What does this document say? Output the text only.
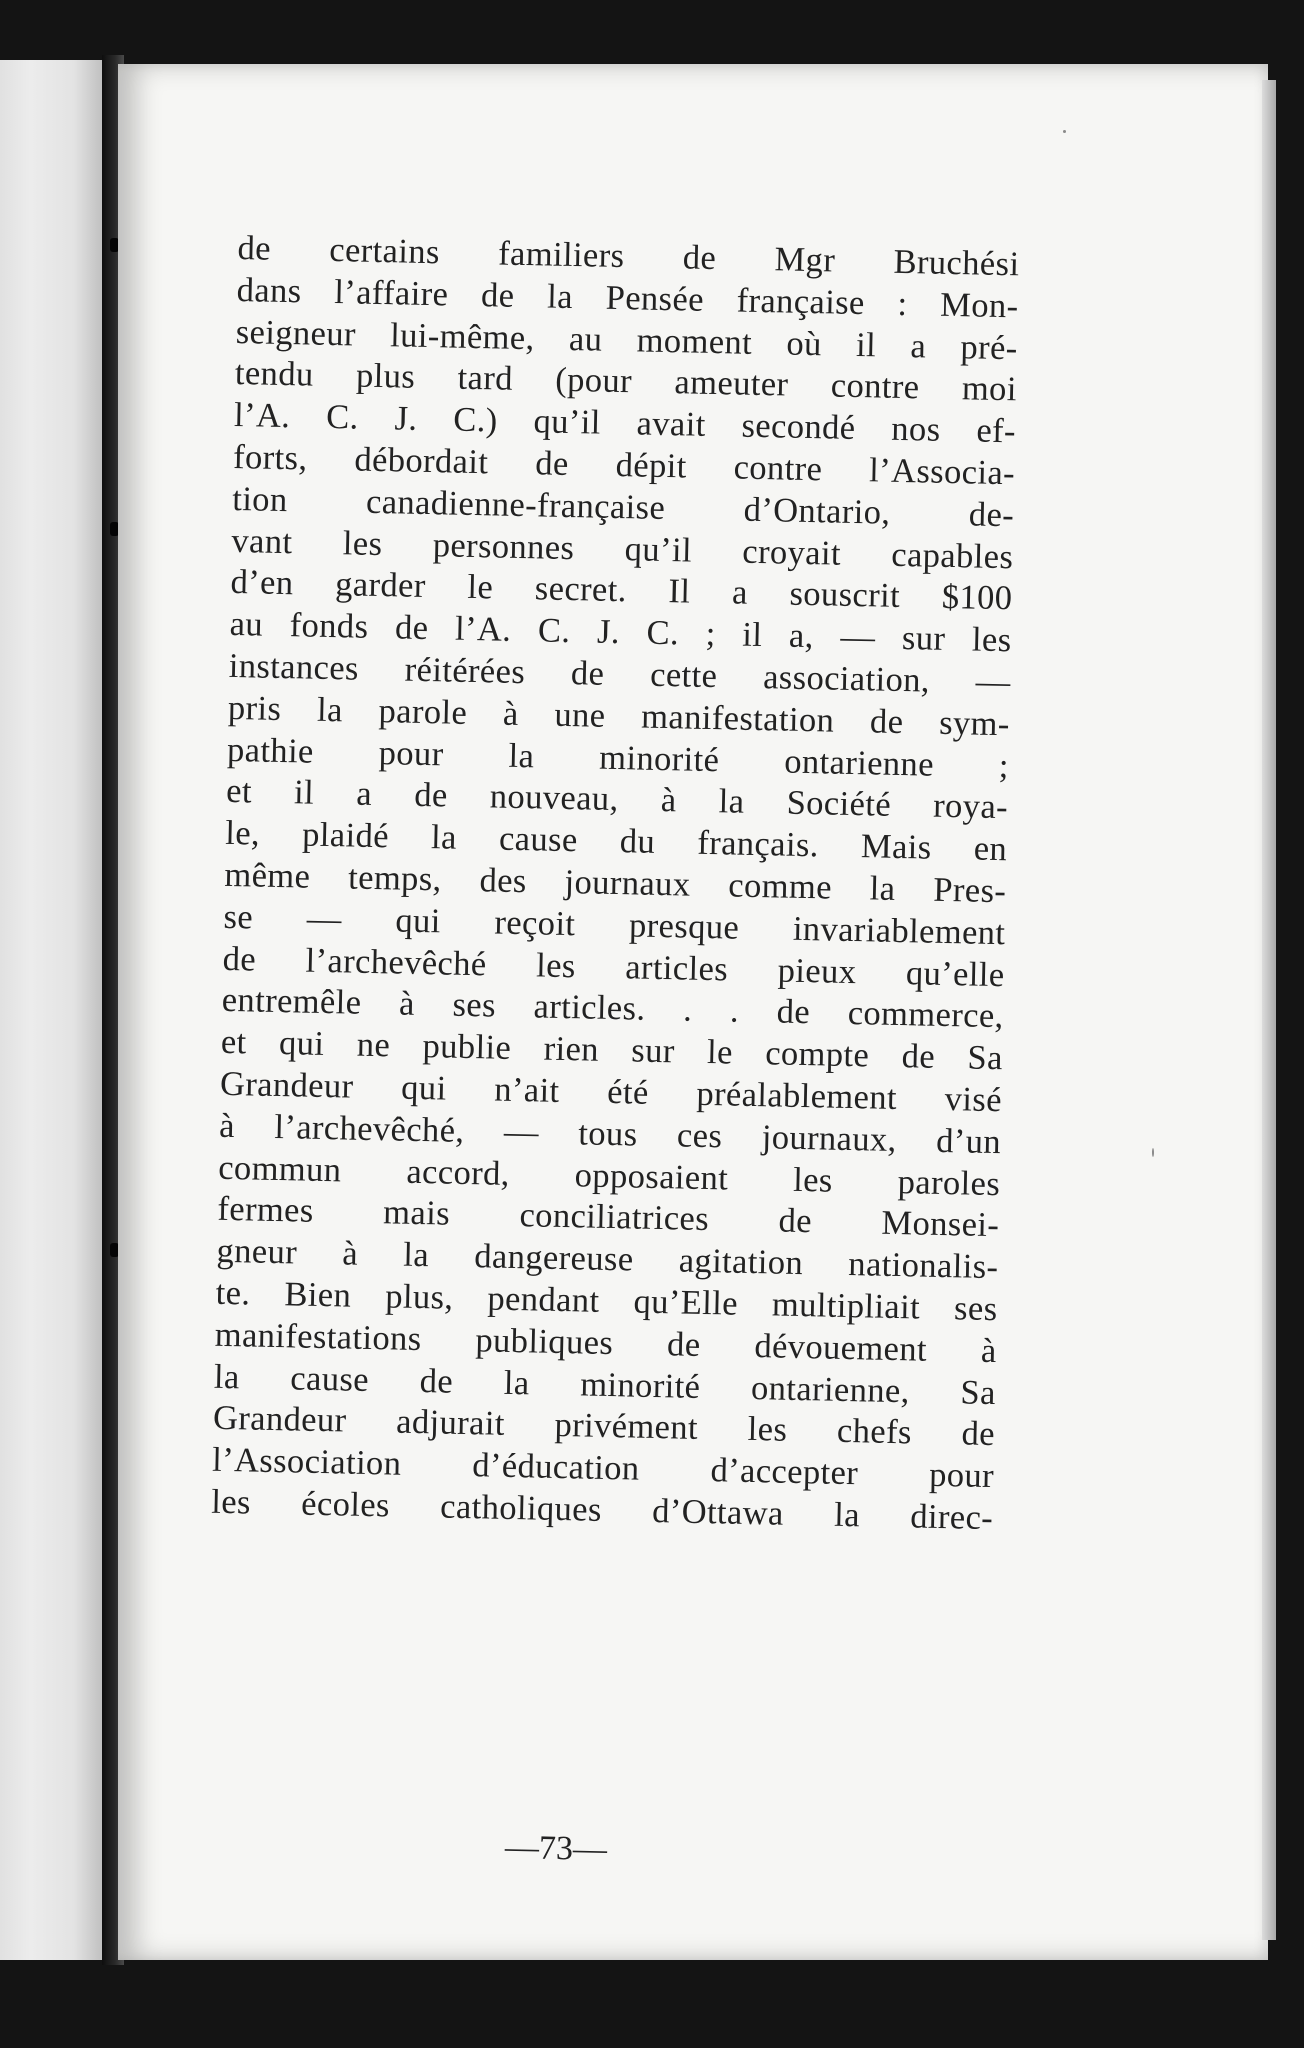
de certains familiers de Mgr Bruchési
dans l’affaire de la Pensée française : Mon-
seigneur lui-même, au moment où il a pré-
tendu plus tard (pour ameuter contre moi
l’A. C. J. C.) qu’il avait secondé nos ef-
forts, débordait de dépit contre l’Associa-
tion canadienne-française d’Ontario, de-
vant les personnes qu’il croyait capables
d’en garder le secret. Il a souscrit $100
au fonds de l’A. C. J. C. ; il a, — sur les
instances réitérées de cette association, —
pris la parole à une manifestation de sym-
pathie pour la minorité ontarienne ;
et il a de nouveau, à la Société roya-
le, plaidé la cause du français. Mais en
même temps, des journaux comme la Pres-
se — qui reçoit presque invariablement
de l’archevêché les articles pieux qu’elle
entremêle à ses articles. . . de commerce,
et qui ne publie rien sur le compte de Sa
Grandeur qui n’ait été préalablement visé
à l’archevêché, — tous ces journaux, d’un
commun accord, opposaient les paroles
fermes mais conciliatrices de Monsei-
gneur à la dangereuse agitation nationalis-
te. Bien plus, pendant qu’Elle multipliait ses
manifestations publiques de dévouement à
la cause de la minorité ontarienne, Sa
Grandeur adjurait privément les chefs de
l’Association d’éducation d’accepter pour
les écoles catholiques d’Ottawa la direc-
—73—
